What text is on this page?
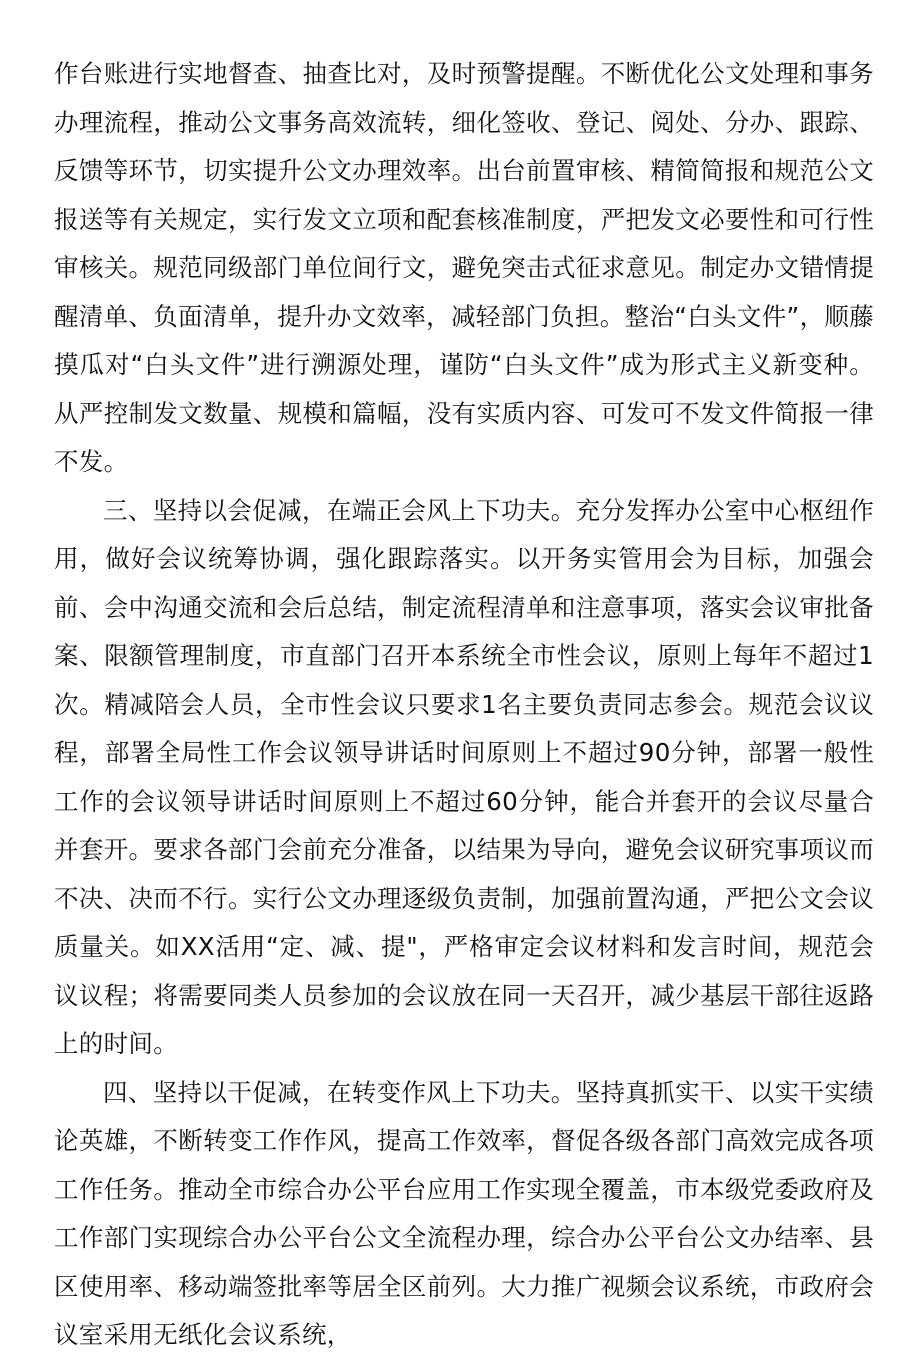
作台账进行实地督查、抽查比对，及时预警提醒。不断优化公文处理和事务办理流程，推动公文事务高效流转，细化签收、登记、阅处、分办、跟踪、反馈等环节，切实提升公文办理效率。出台前置审核、精简简报和规范公文报送等有关规定，实行发文立项和配套核准制度，严把发文必要性和可行性审核关。规范同级部门单位间行文，避免突击式征求意见。制定办文错情提醒清单、负面清单，提升办文效率，减轻部门负担。整治“白头文件”，顺藤摸瓜对“白头文件”进行溯源处理，谨防“白头文件”成为形式主义新变种。从严控制发文数量、规模和篇幅，没有实质内容、可发可不发文件简报一律不发。

三、坚持以会促减，在端正会风上下功夫。充分发挥办公室中心枢纽作用，做好会议统筹协调，强化跟踪落实。以开务实管用会为目标，加强会前、会中沟通交流和会后总结，制定流程清单和注意事项，落实会议审批备案、限额管理制度，市直部门召开本系统全市性会议，原则上每年不超过1次。精减陪会人员，全市性会议只要求1名主要负责同志参会。规范会议议程，部署全局性工作会议领导讲话时间原则上不超过90分钟，部署一般性工作的会议领导讲话时间原则上不超过60分钟，能合并套开的会议尽量合并套开。要求各部门会前充分准备，以结果为导向，避免会议研究事项议而不决、决而不行。实行公文办理逐级负责制，加强前置沟通，严把公文会议质量关。如XX活用“定、减、提"，严格审定会议材料和发言时间，规范会议议程；将需要同类人员参加的会议放在同一天召开，减少基层干部往返路上的时间。

四、坚持以干促减，在转变作风上下功夫。坚持真抓实干、以实干实绩论英雄，不断转变工作作风，提高工作效率，督促各级各部门高效完成各项工作任务。推动全市综合办公平台应用工作实现全覆盖，市本级党委政府及工作部门实现综合办公平台公文全流程办理，综合办公平台公文办结率、县区使用率、移动端签批率等居全区前列。大力推广视频会议系统，市政府会议室采用无纸化会议系统，
